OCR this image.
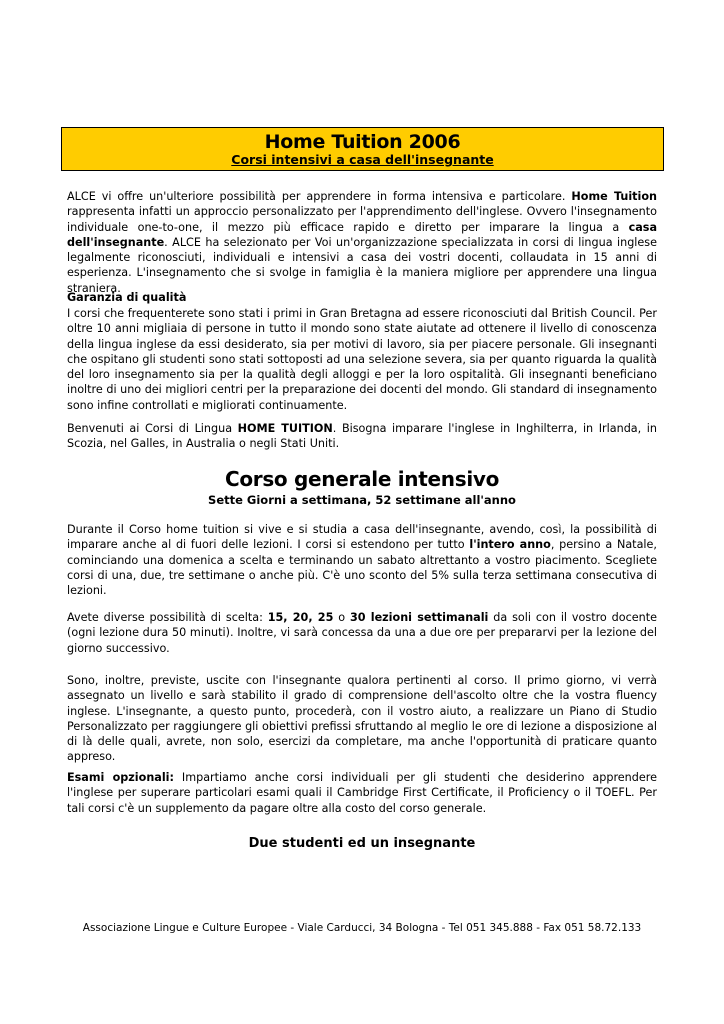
Home Tuition 2006
Corsi intensivi a casa dell'insegnante

ALCE vi offre un'ulteriore possibilità per apprendere in forma intensiva e particolare. Home Tuition rappresenta infatti un approccio personalizzato per l'apprendimento dell'inglese. Ovvero l'insegnamento individuale one-to-one, il mezzo più efficace rapido e diretto per imparare la lingua a casa dell'insegnante. ALCE ha selezionato per Voi un'organizzazione specializzata in corsi di lingua inglese legalmente riconosciuti, individuali e intensivi a casa dei vostri docenti, collaudata in 15 anni di esperienza. L'insegnamento che si svolge in famiglia è la maniera migliore per apprendere una lingua straniera.

Garanzia di qualità

I corsi che frequenterete sono stati i primi in Gran Bretagna ad essere riconosciuti dal British Council. Per oltre 10 anni migliaia di persone in tutto il mondo sono state aiutate ad ottenere il livello di conoscenza della lingua inglese da essi desiderato, sia per motivi di lavoro, sia per piacere personale. Gli insegnanti che ospitano gli studenti sono stati sottoposti ad una selezione severa, sia per quanto riguarda la qualità del loro insegnamento sia per la qualità degli alloggi e per la loro ospitalità. Gli insegnanti beneficiano inoltre di uno dei migliori centri per la preparazione dei docenti del mondo. Gli standard di insegnamento sono infine controllati e migliorati continuamente.

Benvenuti ai Corsi di Lingua HOME TUITION. Bisogna imparare l'inglese in Inghilterra, in Irlanda, in Scozia, nel Galles, in Australia o negli Stati Uniti.

Corso generale intensivo

Sette Giorni a settimana, 52 settimane all'anno

Durante il Corso home tuition si vive e si studia a casa dell'insegnante, avendo, così, la possibilità di imparare anche al di fuori delle lezioni. I corsi si estendono per tutto l'intero anno, persino a Natale, cominciando una domenica a scelta e terminando un sabato altrettanto a vostro piacimento. Scegliete corsi di una, due, tre settimane o anche più. C'è uno sconto del 5% sulla terza settimana consecutiva di lezioni.

Avete diverse possibilità di scelta: 15, 20, 25 o 30 lezioni settimanali da soli con il vostro docente (ogni lezione dura 50 minuti). Inoltre, vi sarà concessa da una a due ore per prepararvi per la lezione del giorno successivo.

Sono, inoltre, previste, uscite con l'insegnante qualora pertinenti al corso. Il primo giorno, vi verrà assegnato un livello e sarà stabilito il grado di comprensione dell'ascolto oltre che la vostra fluency inglese. L'insegnante, a questo punto, procederà, con il vostro aiuto, a realizzare un Piano di Studio Personalizzato per raggiungere gli obiettivi prefissi sfruttando al meglio le ore di lezione a disposizione al di là delle quali, avrete, non solo, esercizi da completare, ma anche l'opportunità di praticare quanto appreso.

Esami opzionali: Impartiamo anche corsi individuali per gli studenti che desiderino apprendere l'inglese per superare particolari esami quali il Cambridge First Certificate, il Proficiency o il TOEFL. Per tali corsi c'è un supplemento da pagare oltre alla costo del corso generale.

Due studenti ed un insegnante

Associazione Lingue e Culture Europee - Viale Carducci, 34 Bologna - Tel 051 345.888 - Fax 051 58.72.133
